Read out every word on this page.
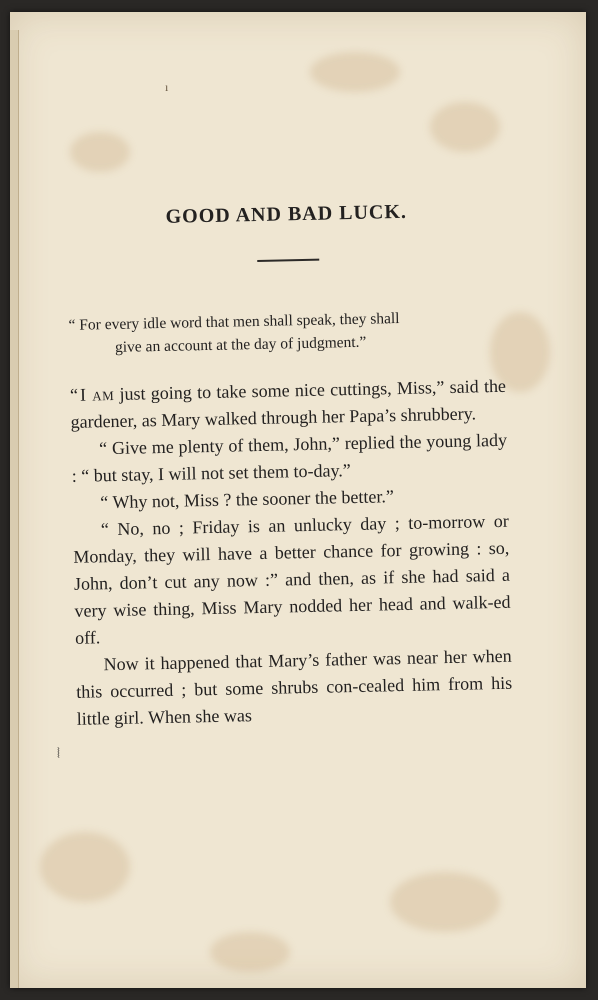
ı
⦚
GOOD AND BAD LUCK.
“ For every idle word that men shall speak, they shall
give an account at the day of judgment.”

“I am just going to take some nice cuttings, Miss,” said the gardener, as Mary walked through her Papa’s shrubbery.

“ Give me plenty of them, John,” replied the young lady : “ but stay, I will not set them to-day.”

“ Why not, Miss ? the sooner the better.”

“ No, no ; Friday is an unlucky day ; to-morrow or Monday, they will have a better chance for growing : so, John, don’t cut any now :” and then, as if she had said a very wise thing, Miss Mary nodded her head and walk-ed off.

Now it happened that Mary’s father was near her when this occurred ; but some shrubs con-cealed him from his little girl. When she was
